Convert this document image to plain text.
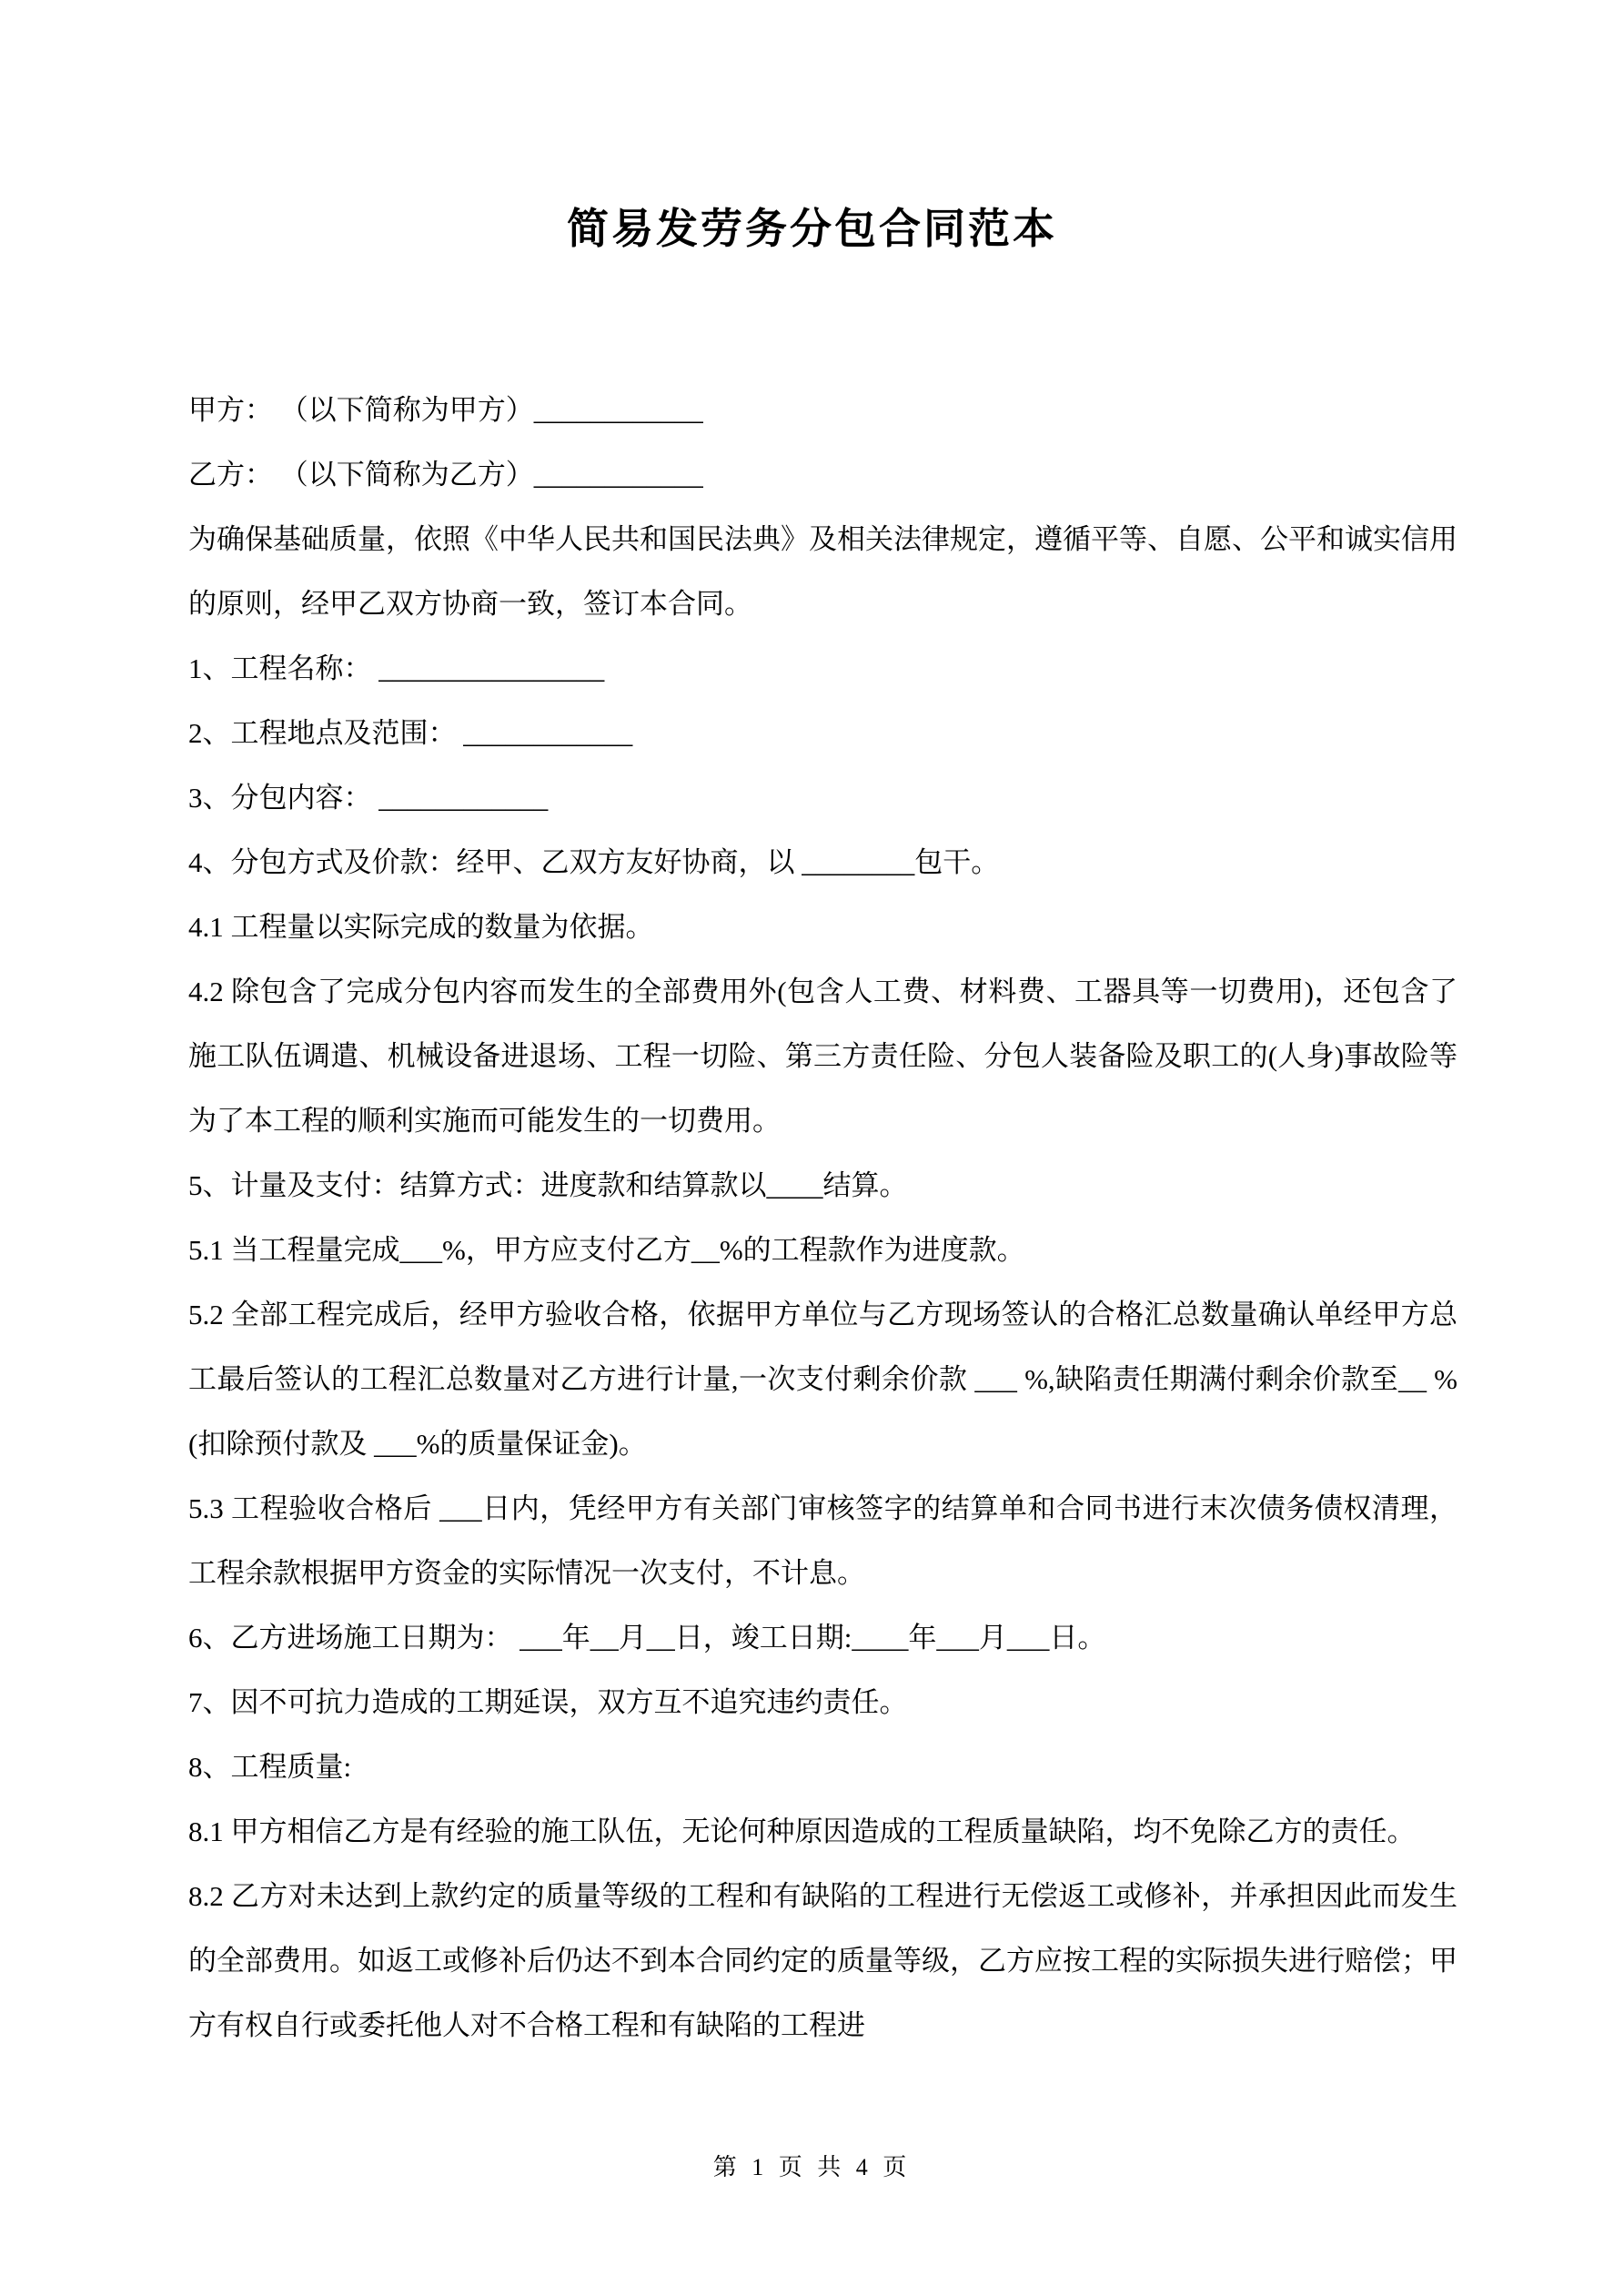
简易发劳务分包合同范本

甲方： （以下简称为甲方）____________

乙方： （以下简称为乙方）____________

为确保基础质量，依照《中华人民共和国民法典》及相关法律规定，遵循平等、自愿、公平和诚实信用的原则，经甲乙双方协商一致，签订本合同。

1、工程名称： ________________

2、工程地点及范围： ____________

3、分包内容： ____________

4、分包方式及价款：经甲、乙双方友好协商，以 ________包干。

4.1 工程量以实际完成的数量为依据。

4.2 除包含了完成分包内容而发生的全部费用外(包含人工费、材料费、工器具等一切费用)，还包含了施工队伍调遣、机械设备进退场、工程一切险、第三方责任险、分包人装备险及职工的(人身)事故险等为了本工程的顺利实施而可能发生的一切费用。

5、计量及支付：结算方式：进度款和结算款以____结算。

5.1 当工程量完成___%，甲方应支付乙方__%的工程款作为进度款。

5.2 全部工程完成后，经甲方验收合格，依据甲方单位与乙方现场签认的合格汇总数量确认单经甲方总工最后签认的工程汇总数量对乙方进行计量,一次支付剩余价款 ___ %,缺陷责任期满付剩余价款至__ %(扣除预付款及 ___%的质量保证金)。

5.3 工程验收合格后 ___日内，凭经甲方有关部门审核签字的结算单和合同书进行末次债务债权清理，工程余款根据甲方资金的实际情况一次支付，不计息。

6、乙方进场施工日期为： ___年__月__日，竣工日期:____年___月___日。

7、因不可抗力造成的工期延误，双方互不追究违约责任。

8、工程质量:

8.1 甲方相信乙方是有经验的施工队伍，无论何种原因造成的工程质量缺陷，均不免除乙方的责任。

8.2 乙方对未达到上款约定的质量等级的工程和有缺陷的工程进行无偿返工或修补，并承担因此而发生的全部费用。如返工或修补后仍达不到本合同约定的质量等级，乙方应按工程的实际损失进行赔偿；甲方有权自行或委托他人对不合格工程和有缺陷的工程进

第 1 页 共 4 页
